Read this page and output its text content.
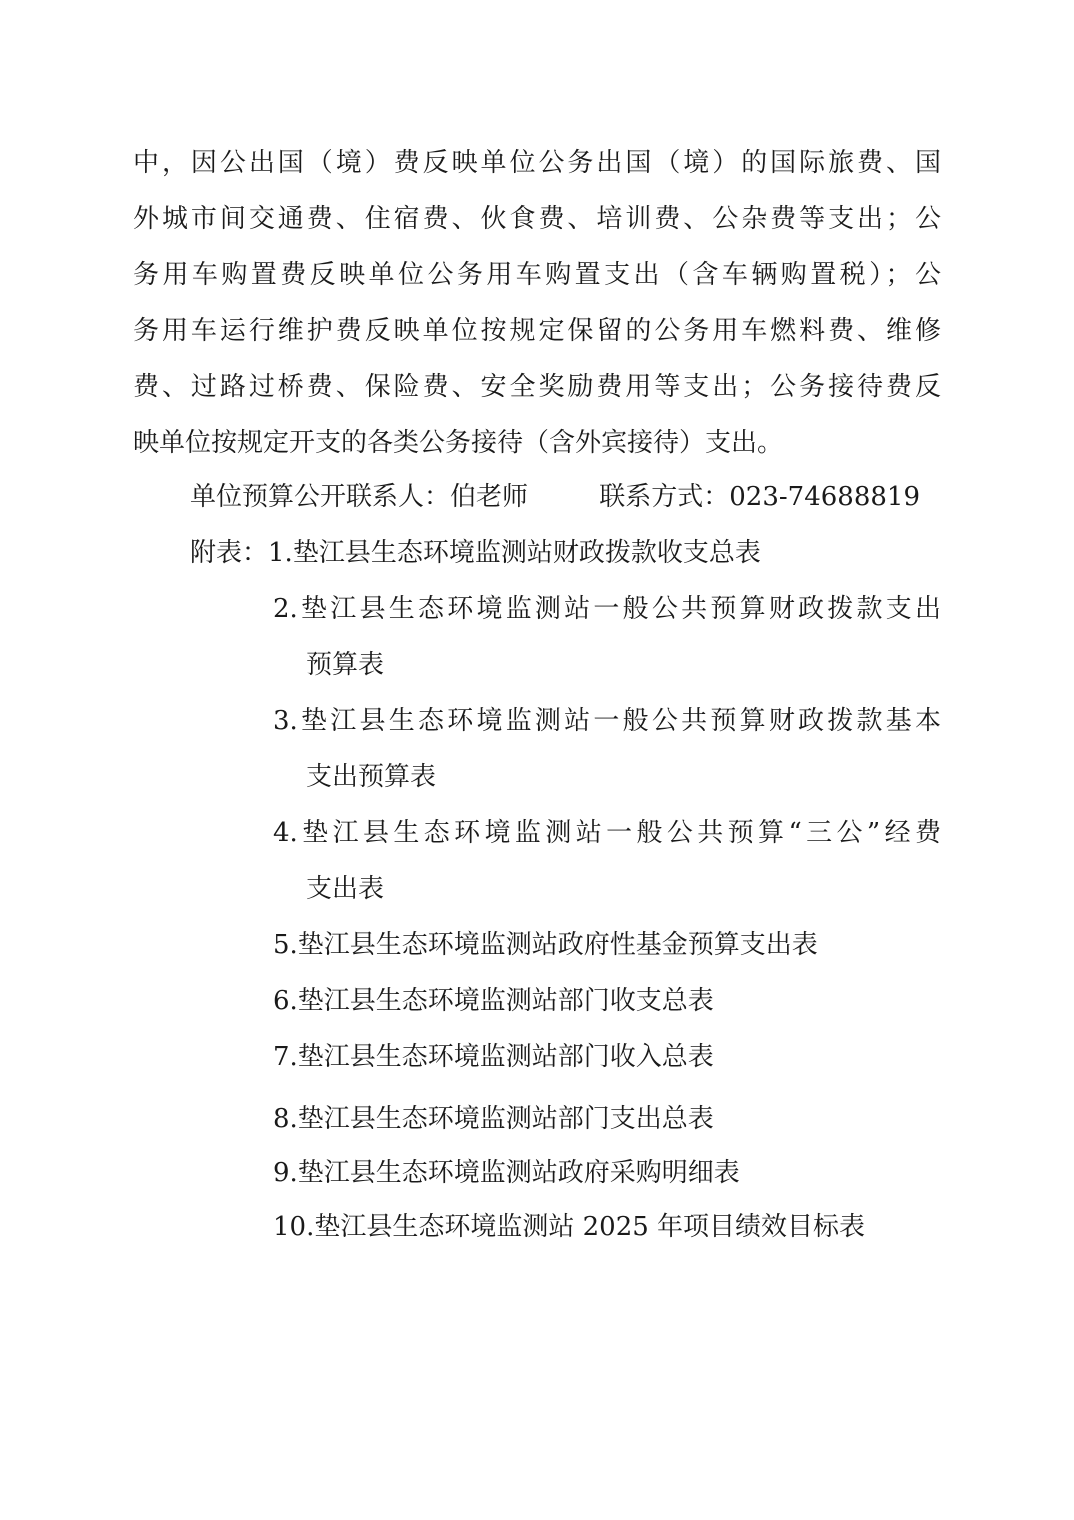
中，因公出国（境）费反映单位公务出国（境）的国际旅费、国
外城市间交通费、住宿费、伙食费、培训费、公杂费等支出；公
务用车购置费反映单位公务用车购置支出（含车辆购置税）；公
务用车运行维护费反映单位按规定保留的公务用车燃料费、维修
费、过路过桥费、保险费、安全奖励费用等支出；公务接待费反
映单位按规定开支的各类公务接待（含外宾接待）支出。
单位预算公开联系人：伯老师	联系方式：023-74688819
附表：1.垫江县生态环境监测站财政拨款收支总表
2.垫江县生态环境监测站一般公共预算财政拨款支出
预算表
3.垫江县生态环境监测站一般公共预算财政拨款基本
支出预算表
4.垫江县生态环境监测站一般公共预算“三公”经费
支出表
5.垫江县生态环境监测站政府性基金预算支出表
6.垫江县生态环境监测站部门收支总表
7.垫江县生态环境监测站部门收入总表
8.垫江县生态环境监测站部门支出总表
9.垫江县生态环境监测站政府采购明细表
10.垫江县生态环境监测站 2025 年项目绩效目标表
